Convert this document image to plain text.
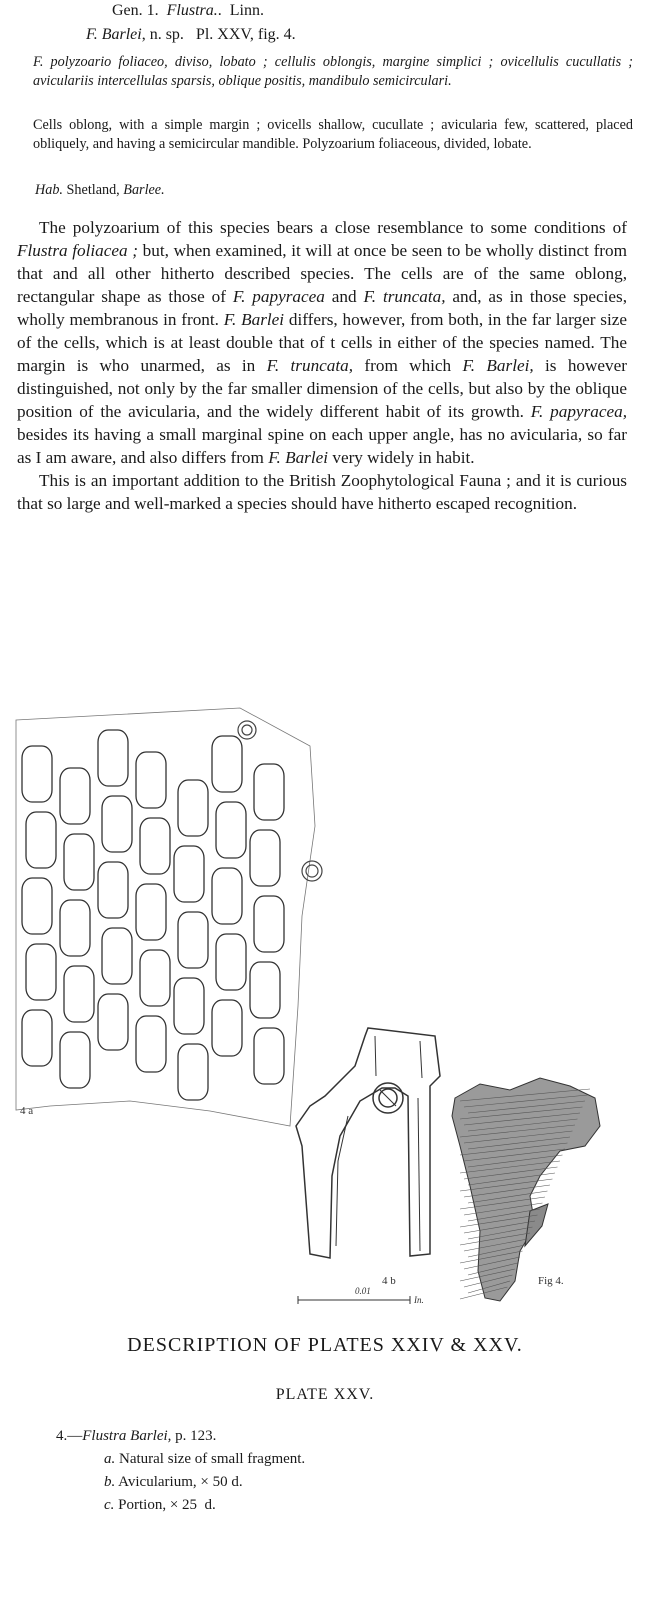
Gen. 1. Flustra..  Linn.
F. Barlei, n. sp.   Pl. XXV, fig. 4.
F. polyzoario foliaceo, diviso, lobato ; cellulis oblongis, margine simplici ; ovicellulis cucullatis ; aviculariis intercellulas sparsis, oblique positis, mandibulo semicirculari.
Cells oblong, with a simple margin ; ovicells shallow, cucullate ; avicularia few, scattered, placed obliquely, and having a semicircular mandible. Polyzoarium foliaceous, divided, lobate.
Hab. Shetland, Barlee.

The polyzoarium of this species bears a close resemblance to some conditions of Flustra foliacea ; but, when examined, it will at once be seen to be wholly distinct from that and all other hitherto described species. The cells are of the same oblong, rectangular shape as those of F. papyracea and F. truncata, and, as in those species, wholly membranous in front. F. Barlei differs, however, from both, in the far larger size of the cells, which is at least double that of t cells in either of the species named. The margin is who unarmed, as in F. truncata, from which F. Barlei, is however distinguished, not only by the far smaller dimension of the cells, but also by the oblique position of the avicularia, and the widely different habit of its growth. F. papyracea, besides its having a small marginal spine on each upper angle, has no avicularia, so far as I am aware, and also differs from F. Barlei very widely in habit.

This is an important addition to the British Zoophytological Fauna ; and it is curious that so large and well-marked a species should have hitherto escaped recognition.

4 a
4 b
0.01
In.
Fig 4.
DESCRIPTION OF PLATES XXIV & XXV.
PLATE XXV.
4.—Flustra Barlei, p. 123.
a. Natural size of small fragment.
b. Avicularium, × 50 d.
c. Portion, × 25  d.
